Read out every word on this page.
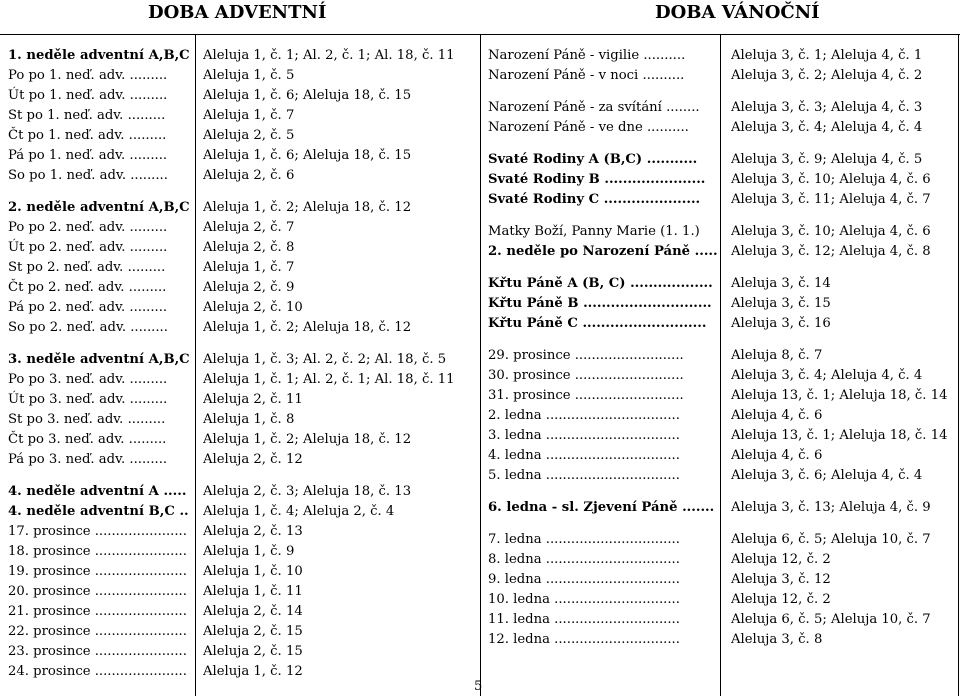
DOBA ADVENTNÍ	DOBA VÁNOČNÍ
1. neděle adventní A,B,C
Po po 1. neď. adv. .........
Út po 1. neď. adv. .........
St po 1. neď. adv. .........
Čt po 1. neď. adv. .........
Pá po 1. neď. adv. .........
So po 1. neď. adv. .........
2. neděle adventní A,B,C
Po po 2. neď. adv. .........
Út po 2. neď. adv. .........
St po 2. neď. adv. .........
Čt po 2. neď. adv. .........
Pá po 2. neď. adv. .........
So po 2. neď. adv. .........
3. neděle adventní A,B,C
Po po 3. neď. adv. .........
Út po 3. neď. adv. .........
St po 3. neď. adv. .........
Čt po 3. neď. adv. .........
Pá po 3. neď. adv. .........
4. neděle adventní A .....
4. neděle adventní B,C ..
17. prosince ......................
18. prosince ......................
19. prosince ......................
20. prosince ......................
21. prosince ......................
22. prosince ......................
23. prosince ......................
24. prosince ......................
Aleluja 1, č. 1; Al. 2, č. 1; Al. 18, č. 11
Aleluja 1, č. 5
Aleluja 1, č. 6; Aleluja 18, č. 15
Aleluja 1, č. 7
Aleluja 2, č. 5
Aleluja 1, č. 6; Aleluja 18, č. 15
Aleluja 2, č. 6
Aleluja 1, č. 2; Aleluja 18, č. 12
Aleluja 2, č. 7
Aleluja 2, č. 8
Aleluja 1, č. 7
Aleluja 2, č. 9
Aleluja 2, č. 10
Aleluja 1, č. 2; Aleluja 18, č. 12
Aleluja 1, č. 3; Al. 2, č. 2; Al. 18, č. 5
Aleluja 1, č. 1; Al. 2, č. 1; Al. 18, č. 11
Aleluja 2, č. 11
Aleluja 1, č. 8
Aleluja 1, č. 2; Aleluja 18, č. 12
Aleluja 2, č. 12
Aleluja 2, č. 3; Aleluja 18, č. 13
Aleluja 1, č. 4; Aleluja 2, č. 4
Aleluja 2, č. 13
Aleluja 1, č. 9
Aleluja 1, č. 10
Aleluja 1, č. 11
Aleluja 2, č. 14
Aleluja 2, č. 15
Aleluja 2, č. 15
Aleluja 1, č. 12
Narození Páně - vigilie ..........
Narození Páně - v noci ..........
Narození Páně - za svítání ........
Narození Páně - ve dne ..........
Svaté Rodiny A (B,C) ...........
Svaté Rodiny B ......................
Svaté Rodiny C .....................
Matky Boží, Panny Marie (1. 1.)
2. neděle po Narození Páně .....
Křtu Páně A (B, C) ..................
Křtu Páně B ............................
Křtu Páně C ...........................
29. prosince ..........................
30. prosince ..........................
31. prosince ..........................
2. ledna ................................
3. ledna ................................
4. ledna ................................
5. ledna ................................
6. ledna - sl. Zjevení Páně .......
7. ledna ................................
8. ledna ................................
9. ledna ................................
10. ledna ..............................
11. ledna ..............................
12. ledna ..............................
Aleluja 3, č. 1; Aleluja 4, č. 1
Aleluja 3, č. 2; Aleluja 4, č. 2
Aleluja 3, č. 3; Aleluja 4, č. 3
Aleluja 3, č. 4; Aleluja 4, č. 4
Aleluja 3, č. 9; Aleluja 4, č. 5
Aleluja 3, č. 10; Aleluja 4, č. 6
Aleluja 3, č. 11; Aleluja 4, č. 7
Aleluja 3, č. 10; Aleluja 4, č. 6
Aleluja 3, č. 12; Aleluja 4, č. 8
Aleluja 3, č. 14
Aleluja 3, č. 15
Aleluja 3, č. 16
Aleluja 8, č. 7
Aleluja 3, č. 4; Aleluja 4, č. 4
Aleluja 13, č. 1; Aleluja 18, č. 14
Aleluja 4, č. 6
Aleluja 13, č. 1; Aleluja 18, č. 14
Aleluja 4, č. 6
Aleluja 3, č. 6; Aleluja 4, č. 4
Aleluja 3, č. 13; Aleluja 4, č. 9
Aleluja 6, č. 5; Aleluja 10, č. 7
Aleluja 12, č. 2
Aleluja 3, č. 12
Aleluja 12, č. 2
Aleluja 6, č. 5; Aleluja 10, č. 7
Aleluja 3, č. 8
5
